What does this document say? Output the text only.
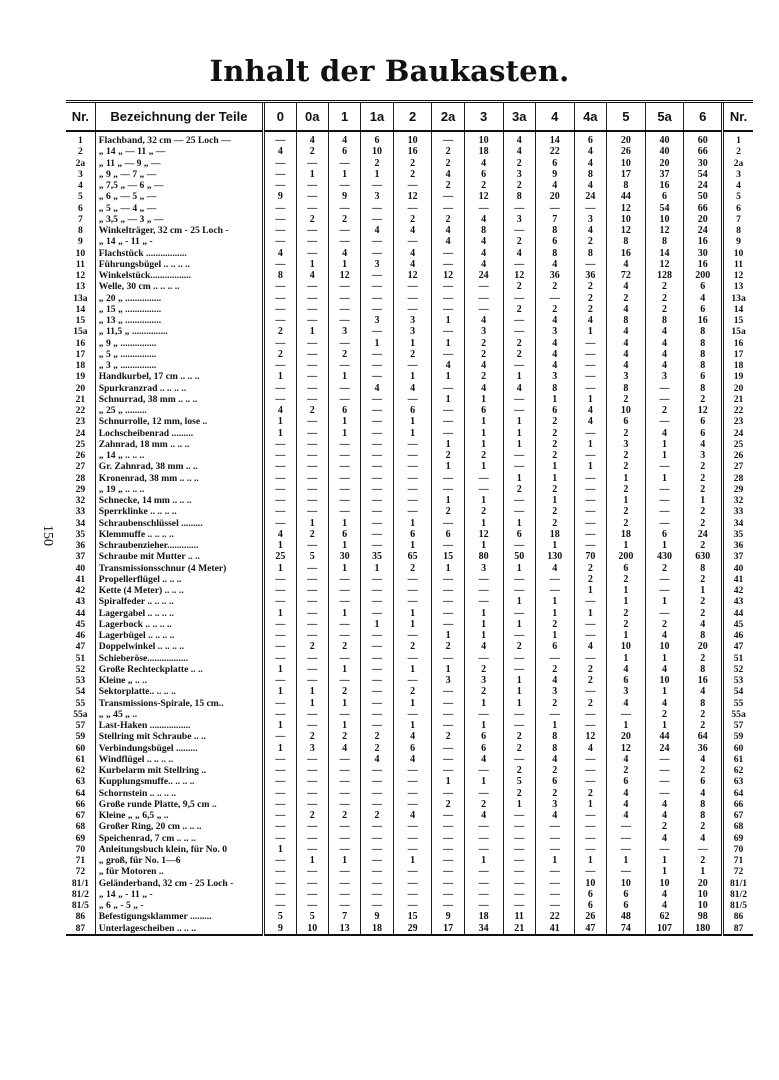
Inhalt der Baukasten.
150
Nr.	Bezeichnung der Teile	0	0a	1	1a	2	2a	3	3a	4	4a	5	5a	6	Nr.
1	Flachband, 32 cm — 25 Loch —	—	4	4	6	10	—	10	4	14	6	20	40	60	1
2	„ 14 „ — 11 „ —	4	2	6	10	16	2	18	4	22	4	26	40	66	2
2a	„ 11 „ — 9 „ —	—	—	—	2	2	2	4	2	6	4	10	20	30	2a
3	„ 9 „ — 7 „ —	—	1	1	1	2	4	6	3	9	8	17	37	54	3
4	„ 7,5 „ — 6 „ —	—	—	—	—	—	2	2	2	4	4	8	16	24	4
5	„ 6 „ — 5 „ —	9	—	9	3	12	—	12	8	20	24	44	6	50	5
6	„ 5 „ — 4 „ —	—	—	—	—	—	—	—	—	—	—	12	54	66	6
7	„ 3,5 „ — 3 „ —	—	2	2	—	2	2	4	3	7	3	10	10	20	7
8	Winkelträger, 32 cm - 25 Loch -	—	—	—	4	4	4	8	—	8	4	12	12	24	8
9	„ 14 „ - 11 „ -	—	—	—	—	—	4	4	2	6	2	8	8	16	9
10	Flachstück .................	4	—	4	—	4	—	4	4	8	8	16	14	30	10
11	Führungsbügel .. .. .. ..	—	1	1	3	4	—	4	—	4	—	4	12	16	11
12	Winkelstück.................	8	4	12	—	12	12	24	12	36	36	72	128	200	12
13	Welle, 30 cm .. .. .. ..	—	—	—	—	—	—	—	2	2	2	4	2	6	13
13a	„ 20 „ ...............	—	—	—	—	—	—	—	—	—	2	2	2	4	13a
14	„ 15 „ ...............	—	—	—	—	—	—	—	2	2	2	4	2	6	14
15	„ 13 „ ...............	—	—	—	3	3	1	4	—	4	4	8	8	16	15
15a	„ 11,5 „ ...............	2	1	3	—	3	—	3	—	3	1	4	4	8	15a
16	„ 9 „ ...............	—	—	—	1	1	1	2	2	4	—	4	4	8	16
17	„ 5 „ ...............	2	—	2	—	2	—	2	2	4	—	4	4	8	17
18	„ 3 „ ...............	—	—	—	—	—	4	4	—	4	—	4	4	8	18
19	Handkurbel, 17 cm .. .. ..	1	—	1	—	1	1	2	1	3	—	3	3	6	19
20	Spurkranzrad .. .. .. ..	—	—	—	4	4	—	4	4	8	—	8	—	8	20
21	Schnurrad, 38 mm .. .. ..	—	—	—	—	—	1	1	—	1	1	2	—	2	21
22	„ 25 „ .........	4	2	6	—	6	—	6	—	6	4	10	2	12	22
23	Schnurrolle, 12 mm, lose ..	1	—	1	—	1	—	1	1	2	4	6	—	6	23
24	Lochscheibenrad .........	1	—	1	—	1	—	1	1	2	—	2	4	6	24
25	Zahnrad, 18 mm .. .. ..	—	—	—	—	—	1	1	1	2	1	3	1	4	25
26	„ 14 „ .. .. ..	—	—	—	—	—	2	2	—	2	—	2	1	3	26
27	Gr. Zahnrad, 38 mm .. ..	—	—	—	—	—	1	1	—	1	1	2	—	2	27
28	Kronenrad, 38 mm .. .. ..	—	—	—	—	—	—	—	1	1	—	1	1	2	28
29	„ 19 „ .. .. ..	—	—	—	—	—	—	—	2	2	—	2	—	2	29
32	Schnecke, 14 mm .. .. ..	—	—	—	—	—	1	1	—	1	—	1	—	1	32
33	Sperrklinke .. .. .. ..	—	—	—	—	—	2	2	—	2	—	2	—	2	33
34	Schraubenschlüssel .........	—	1	1	—	1	—	1	1	2	—	2	—	2	34
35	Klemmuffe .. .. .. ..	4	2	6	—	6	6	12	6	18	—	18	6	24	35
36	Schraubenzieher.............	1	—	1	—	1	—	1	—	1	—	1	1	2	36
37	Schraube mit Mutter .. ..	25	5	30	35	65	15	80	50	130	70	200	430	630	37
40	Transmissionsschnur (4 Meter)	1	—	1	1	2	1	3	1	4	2	6	2	8	40
41	Propellerflügel .. .. ..	—	—	—	—	—	—	—	—	—	2	2	—	2	41
42	Kette (4 Meter) .. .. ..	—	—	—	—	—	—	—	—	—	1	1	—	1	42
43	Spiralfeder .. .. .. ..	—	—	—	—	—	—	—	1	1	—	1	1	2	43
44	Lagergabel .. .. .. ..	1	—	1	—	1	—	1	—	1	1	2	—	2	44
45	Lagerbock .. .. .. ..	—	—	—	1	1	—	1	1	2	—	2	2	4	45
46	Lagerbügel .. .. .. ..	—	—	—	—	—	1	1	—	1	—	1	4	8	46
47	Doppelwinkel .. .. .. ..	—	2	2	—	2	2	4	2	6	4	10	10	20	47
51	Schieberöse.................	—	—	—	—	—	—	—	—	—	—	1	1	2	51
52	Große Rechteckplatte .. ..	1	—	1	—	1	1	2	—	2	2	4	4	8	52
53	Kleine „ .. ..	—	—	—	—	—	3	3	1	4	2	6	10	16	53
54	Sektorplatte.. .. .. ..	1	1	2	—	2	—	2	1	3	—	3	1	4	54
55	Transmissions-Spirale, 15 cm..	—	1	1	—	1	—	1	1	2	2	4	4	8	55
55a	„ „ 45 „ ..	—	—	—	—	—	—	—	—	—	—	—	2	2	55a
57	Last-Haken .................	1	—	1	—	1	—	1	—	1	—	1	1	2	57
59	Stellring mit Schraube .. ..	—	2	2	2	4	2	6	2	8	12	20	44	64	59
60	Verbindungsbügel .........	1	3	4	2	6	—	6	2	8	4	12	24	36	60
61	Windflügel .. .. .. ..	—	—	—	4	4	—	4	—	4	—	4	—	4	61
62	Kurbelarm mit Stellring ..	—	—	—	—	—	—	—	2	2	—	2	—	2	62
63	Kupplungsmuffe.. .. .. ..	—	—	—	—	—	1	1	5	6	—	6	—	6	63
64	Schornstein .. .. .. ..	—	—	—	—	—	—	—	2	2	2	4	—	4	64
66	Große runde Platte, 9,5 cm ..	—	—	—	—	—	2	2	1	3	1	4	4	8	66
67	Kleine „ „ 6,5 „ ..	—	2	2	2	4	—	4	—	4	—	4	4	8	67
68	Großer Ring, 20 cm .. .. ..	—	—	—	—	—	—	—	—	—	—	—	2	2	68
69	Speichenrad, 7 cm .. .. ..	—	—	—	—	—	—	—	—	—	—	—	4	4	69
70	Anleitungsbuch klein, für No. 0	1	—	—	—	—	—	—	—	—	—	—	—	—	70
71	„ groß, für No. 1—6	—	1	1	—	1	—	1	—	1	1	1	1	2	71
72	„ für Motoren ..	—	—	—	—	—	—	—	—	—	—	—	1	1	72
81/1	Geländerband, 32 cm - 25 Loch -	—	—	—	—	—	—	—	—	—	10	10	10	20	81/1
81/2	„ 14 „ - 11 „ -	—	—	—	—	—	—	—	—	—	6	6	4	10	81/2
81/5	„ 6 „ - 5 „ -	—	—	—	—	—	—	—	—	—	6	6	4	10	81/5
86	Befestigungsklammer .........	5	5	7	9	15	9	18	11	22	26	48	62	98	86
87	Unterlagescheiben .. .. ..	9	10	13	18	29	17	34	21	41	47	74	107	180	87
